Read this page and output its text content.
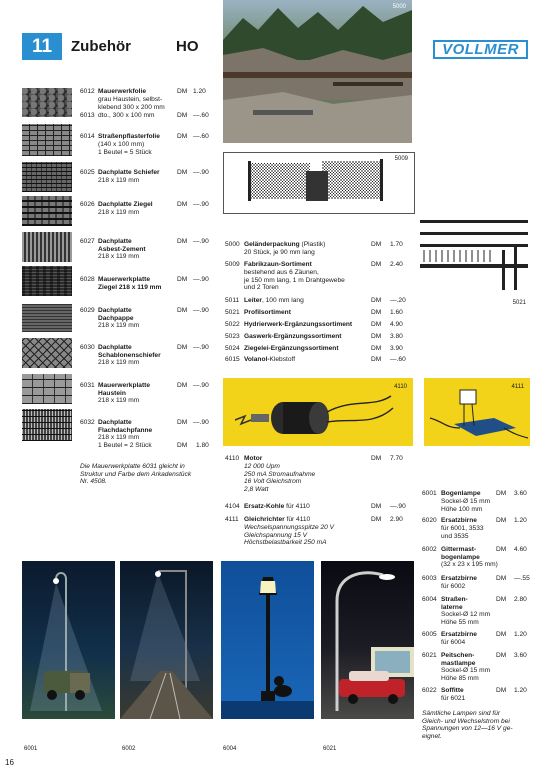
11	Zubehör	HO	VOLLMER
6012 Mauerwerkfolie
grau Haustein, selbst-
klebend 300 x 200 mm
DM 1.20
6013 dto., 300 x 100 mm	DM —.60
6014 Straßenpflasterfolie
(140 x 100 mm)
1 Beutel = 5 Stück
DM —.60
6025 Dachplatte Schiefer
218 x 119 mm
DM —.90
6026 Dachplatte Ziegel
218 x 119 mm
DM —.90
6027 Dachplatte
Asbest-Zement
218 x 119 mm
DM —.90
6028 Mauerwerkplatte
Ziegel 218 x 119 mm
DM —.90
6029 Dachplatte
Dachpappe
218 x 119 mm
DM —.90
6030 Dachplatte
Schablonenschiefer
218 x 119 mm
DM —.90
6031 Mauerwerkplatte
Haustein
218 x 119 mm
DM —.90
6032 Dachplatte
Flachdachpfanne
218 x 119 mm
1 Beutel = 2 Stück
DM —.90
DM 1.80
Die Mauerwerkplatte 6031 gleicht in
Struktur und Farbe dem Arkadenstück
Nr. 4508.
5000
5009
5021
5000 Geländerpackung (Plastik)
20 Stück, je 90 mm lang
DM 1.70
5009 Fabrikzaun-Sortiment
bestehend aus 6 Zäunen,
je 150 mm lang, 1 m Drahtgewebe
und 2 Toren
DM 2.40
5011 Leiter, 100 mm lang	DM —.20
5021 Profilsortiment	DM 1.60
5022 Hydrierwerk-Ergänzungssortiment	DM 4.90
5023 Gaswerk-Ergänzungssortiment	DM 3.80
5024 Ziegelei-Ergänzungssortiment	DM 3.90
6015 Volanol-Klebstoff	DM —.60
4110	4111
4110 Motor
12 000 Upm
250 mA Stromaufnahme
16 Volt Gleichstrom
2,8 Watt
DM 7.70
4104 Ersatz-Kohle für 4110	DM —.90
4111 Gleichrichter für 4110
Wechselspannungsspitze 20 V
Gleichspannung 15 V
Höchstbelastbarkeit 250 mA
DM 2.90
6001 Bogenlampe
Sockel-Ø 15 mm
Höhe 100 mm
DM 3.60
6020 Ersatzbirne
für 6001, 3533
und 3535
DM 1.20
6002 Gittermast-
bogenlampe
(32 x 23 x 195 mm)
DM 4.60
6003 Ersatzbirne
für 6002
DM —.55
6004 Straßen-
laterne
Sockel-Ø 12 mm
Höhe 55 mm
DM 2.80
6005 Ersatzbirne
für 6004
DM 1.20
6021 Peitschen-
mastlampe
Sockel-Ø 15 mm
Höhe 85 mm
DM 3.60
6022 Soffitte
für 6021
DM 1.20
Sämtliche Lampen sind für
Gleich- und Wechselstrom bei
Spannungen von 12—16 V ge-
eignet.
6001	6002	6004	6021
16
